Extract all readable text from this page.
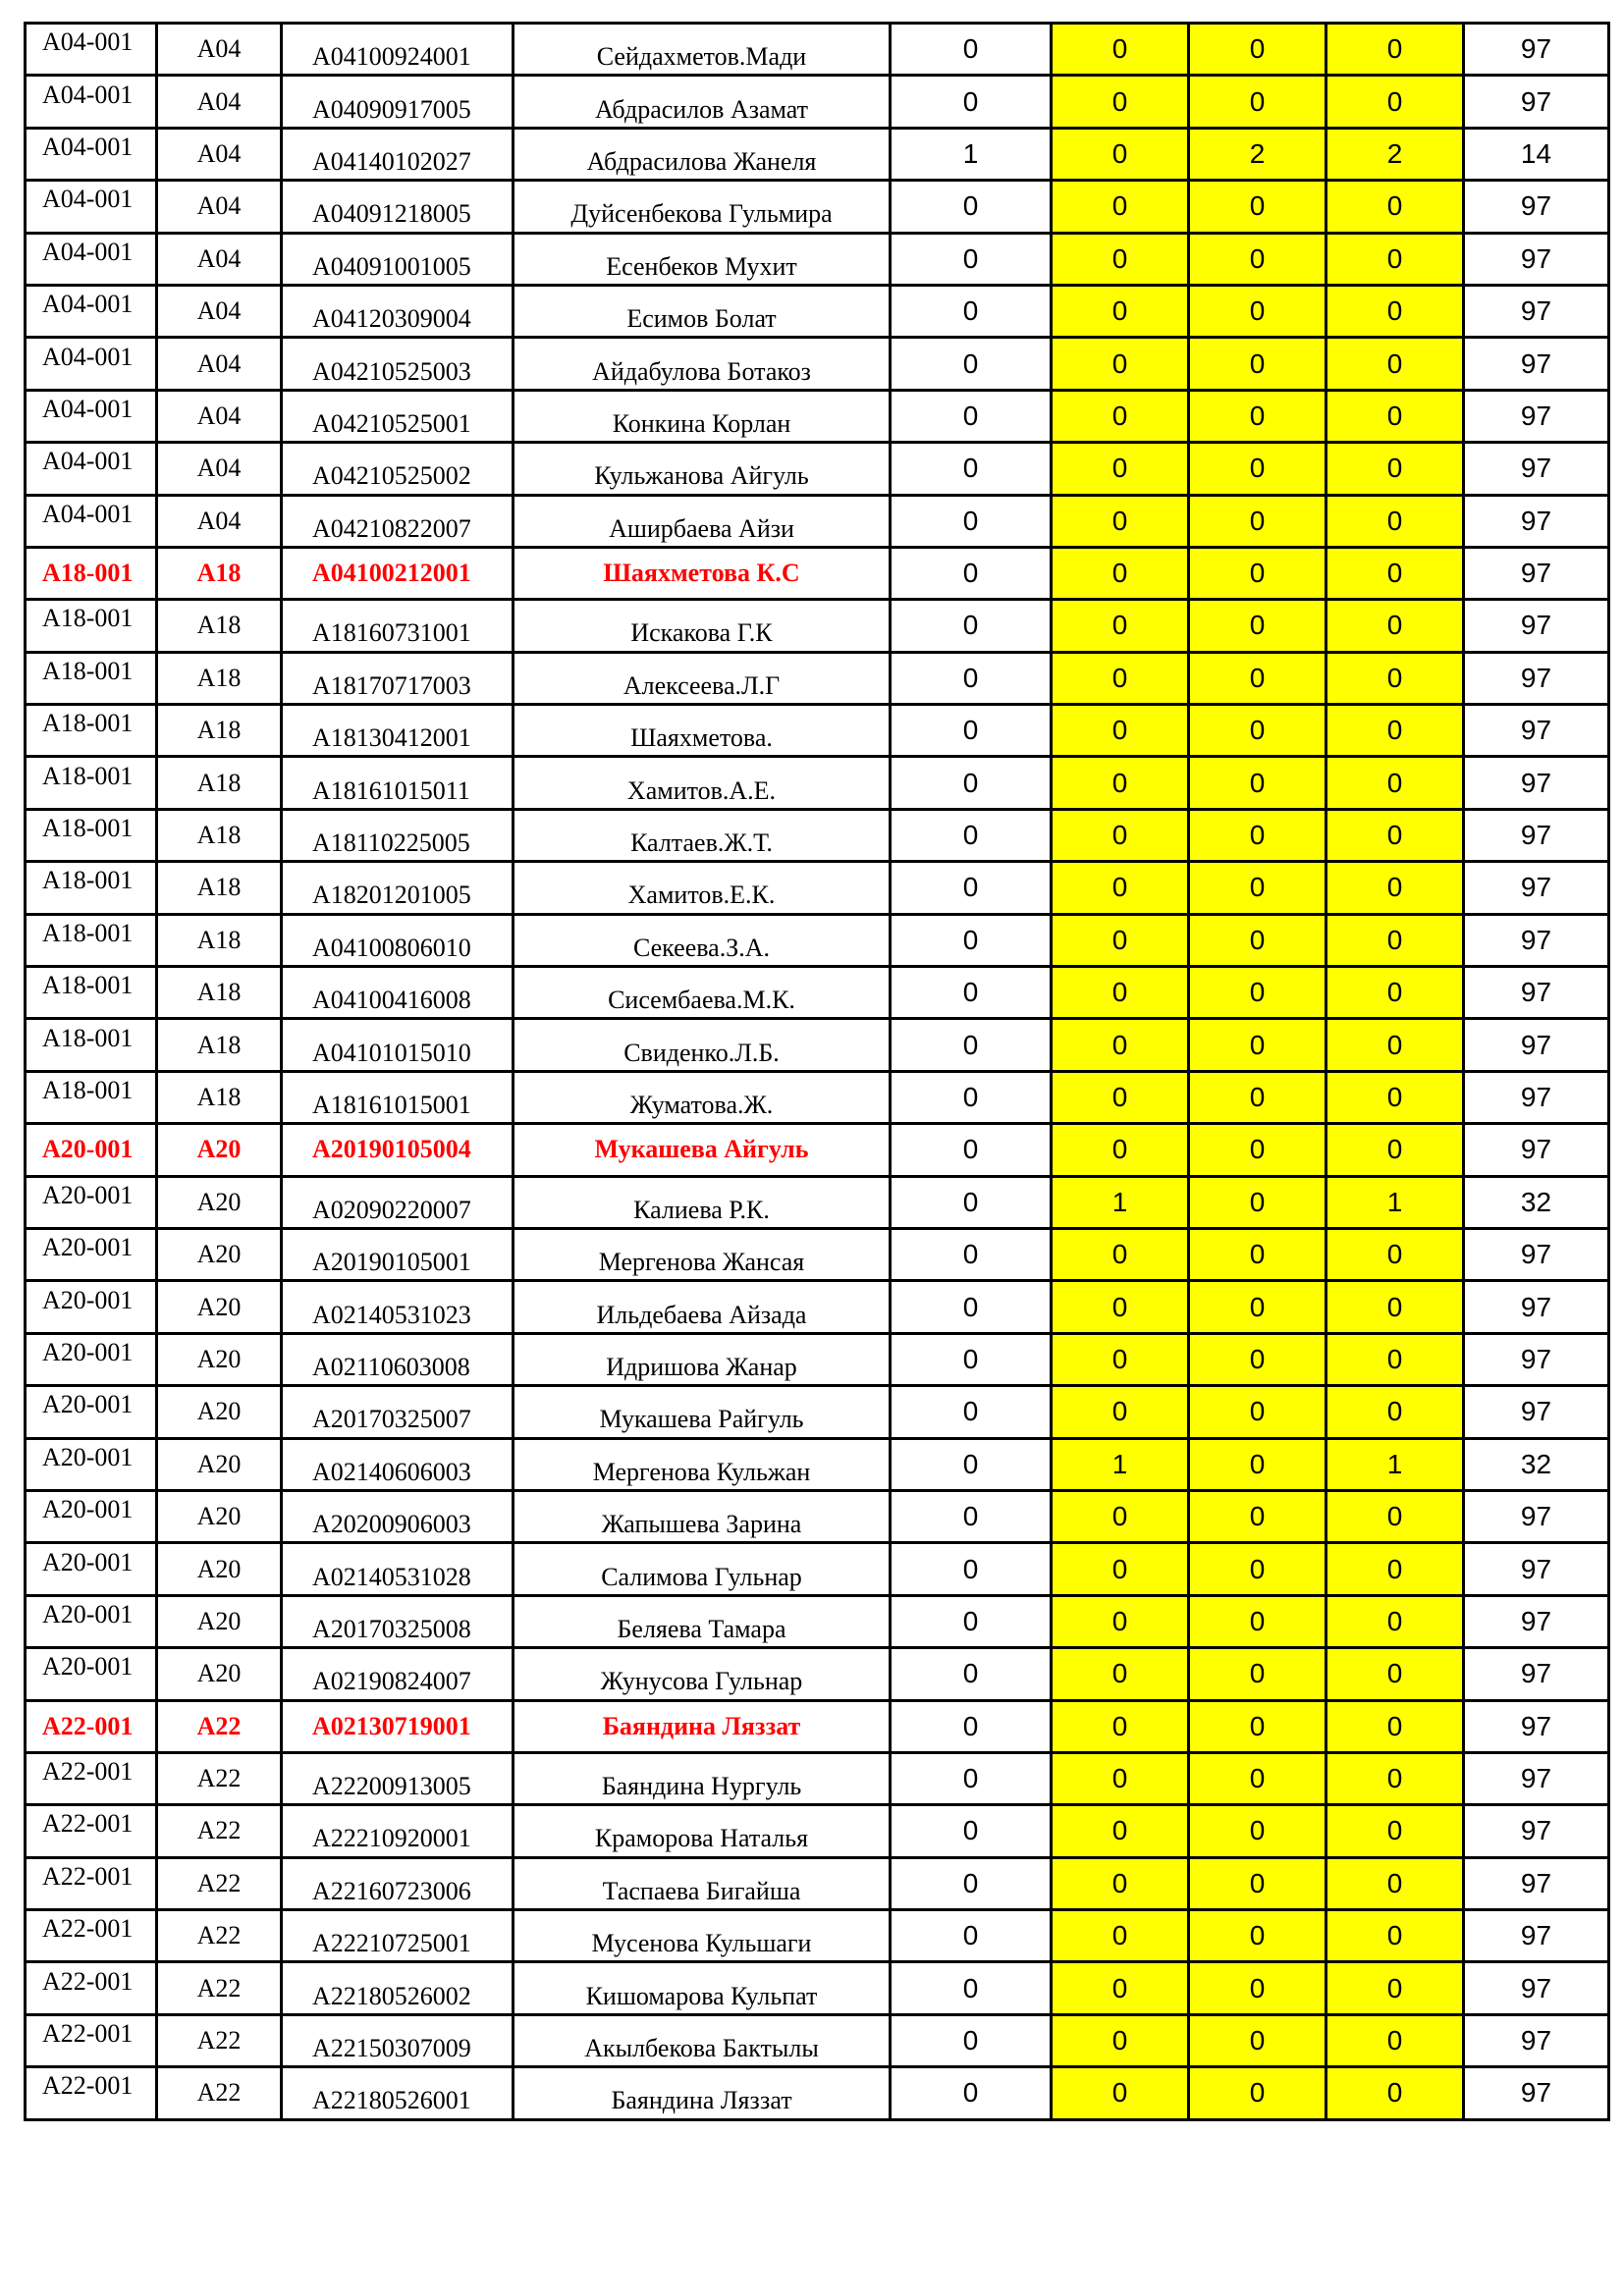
А04-001	А04	А04100924001	Сейдахметов.Мади	0	0	0	0	97
А04-001	А04	А04090917005	Абдрасилов Азамат	0	0	0	0	97
А04-001	А04	А04140102027	Абдрасилова Жанеля	1	0	2	2	14
А04-001	А04	А04091218005	Дуйсенбекова Гульмира	0	0	0	0	97
А04-001	А04	А04091001005	Есенбеков Мухит	0	0	0	0	97
А04-001	А04	А04120309004	Есимов Болат	0	0	0	0	97
А04-001	А04	А04210525003	Айдабулова Ботакоз	0	0	0	0	97
А04-001	А04	А04210525001	Конкина Корлан	0	0	0	0	97
А04-001	А04	А04210525002	Кульжанова Айгуль	0	0	0	0	97
А04-001	А04	А04210822007	Аширбаева Айзи	0	0	0	0	97
А18-001	А18	А04100212001	Шаяхметова К.С	0	0	0	0	97
А18-001	А18	А18160731001	Искакова Г.К	0	0	0	0	97
А18-001	А18	А18170717003	Алексеева.Л.Г	0	0	0	0	97
А18-001	А18	А18130412001	Шаяхметова.	0	0	0	0	97
А18-001	А18	А18161015011	Хамитов.А.Е.	0	0	0	0	97
А18-001	А18	А18110225005	Калтаев.Ж.Т.	0	0	0	0	97
А18-001	А18	А18201201005	Хамитов.Е.К.	0	0	0	0	97
А18-001	А18	А04100806010	Секеева.З.А.	0	0	0	0	97
А18-001	А18	А04100416008	Сисембаева.М.К.	0	0	0	0	97
А18-001	А18	А04101015010	Свиденко.Л.Б.	0	0	0	0	97
А18-001	А18	А18161015001	Жуматова.Ж.	0	0	0	0	97
А20-001	А20	А20190105004	Мукашева Айгуль	0	0	0	0	97
А20-001	А20	А02090220007	Калиева Р.К.	0	1	0	1	32
А20-001	А20	А20190105001	Мергенова Жансая	0	0	0	0	97
А20-001	А20	А02140531023	Ильдебаева Айзада	0	0	0	0	97
А20-001	А20	А02110603008	Идришова Жанар	0	0	0	0	97
А20-001	А20	А20170325007	Мукашева Райгуль	0	0	0	0	97
А20-001	А20	А02140606003	Мергенова Кульжан	0	1	0	1	32
А20-001	А20	А20200906003	Жапышева Зарина	0	0	0	0	97
А20-001	А20	А02140531028	Салимова Гульнар	0	0	0	0	97
А20-001	А20	А20170325008	Беляева Тамара	0	0	0	0	97
А20-001	А20	А02190824007	Жунусова Гульнар	0	0	0	0	97
А22-001	А22	А02130719001	Баяндина Ляззат	0	0	0	0	97
А22-001	А22	А22200913005	Баяндина Нургуль	0	0	0	0	97
А22-001	А22	А22210920001	Краморова Наталья	0	0	0	0	97
А22-001	А22	А22160723006	Таспаева Бигайша	0	0	0	0	97
А22-001	А22	А22210725001	Мусенова Кульшаги	0	0	0	0	97
А22-001	А22	А22180526002	Кишомарова Кульпат	0	0	0	0	97
А22-001	А22	А22150307009	Акылбекова Бактылы	0	0	0	0	97
А22-001	А22	А22180526001	Баяндина Ляззат	0	0	0	0	97
